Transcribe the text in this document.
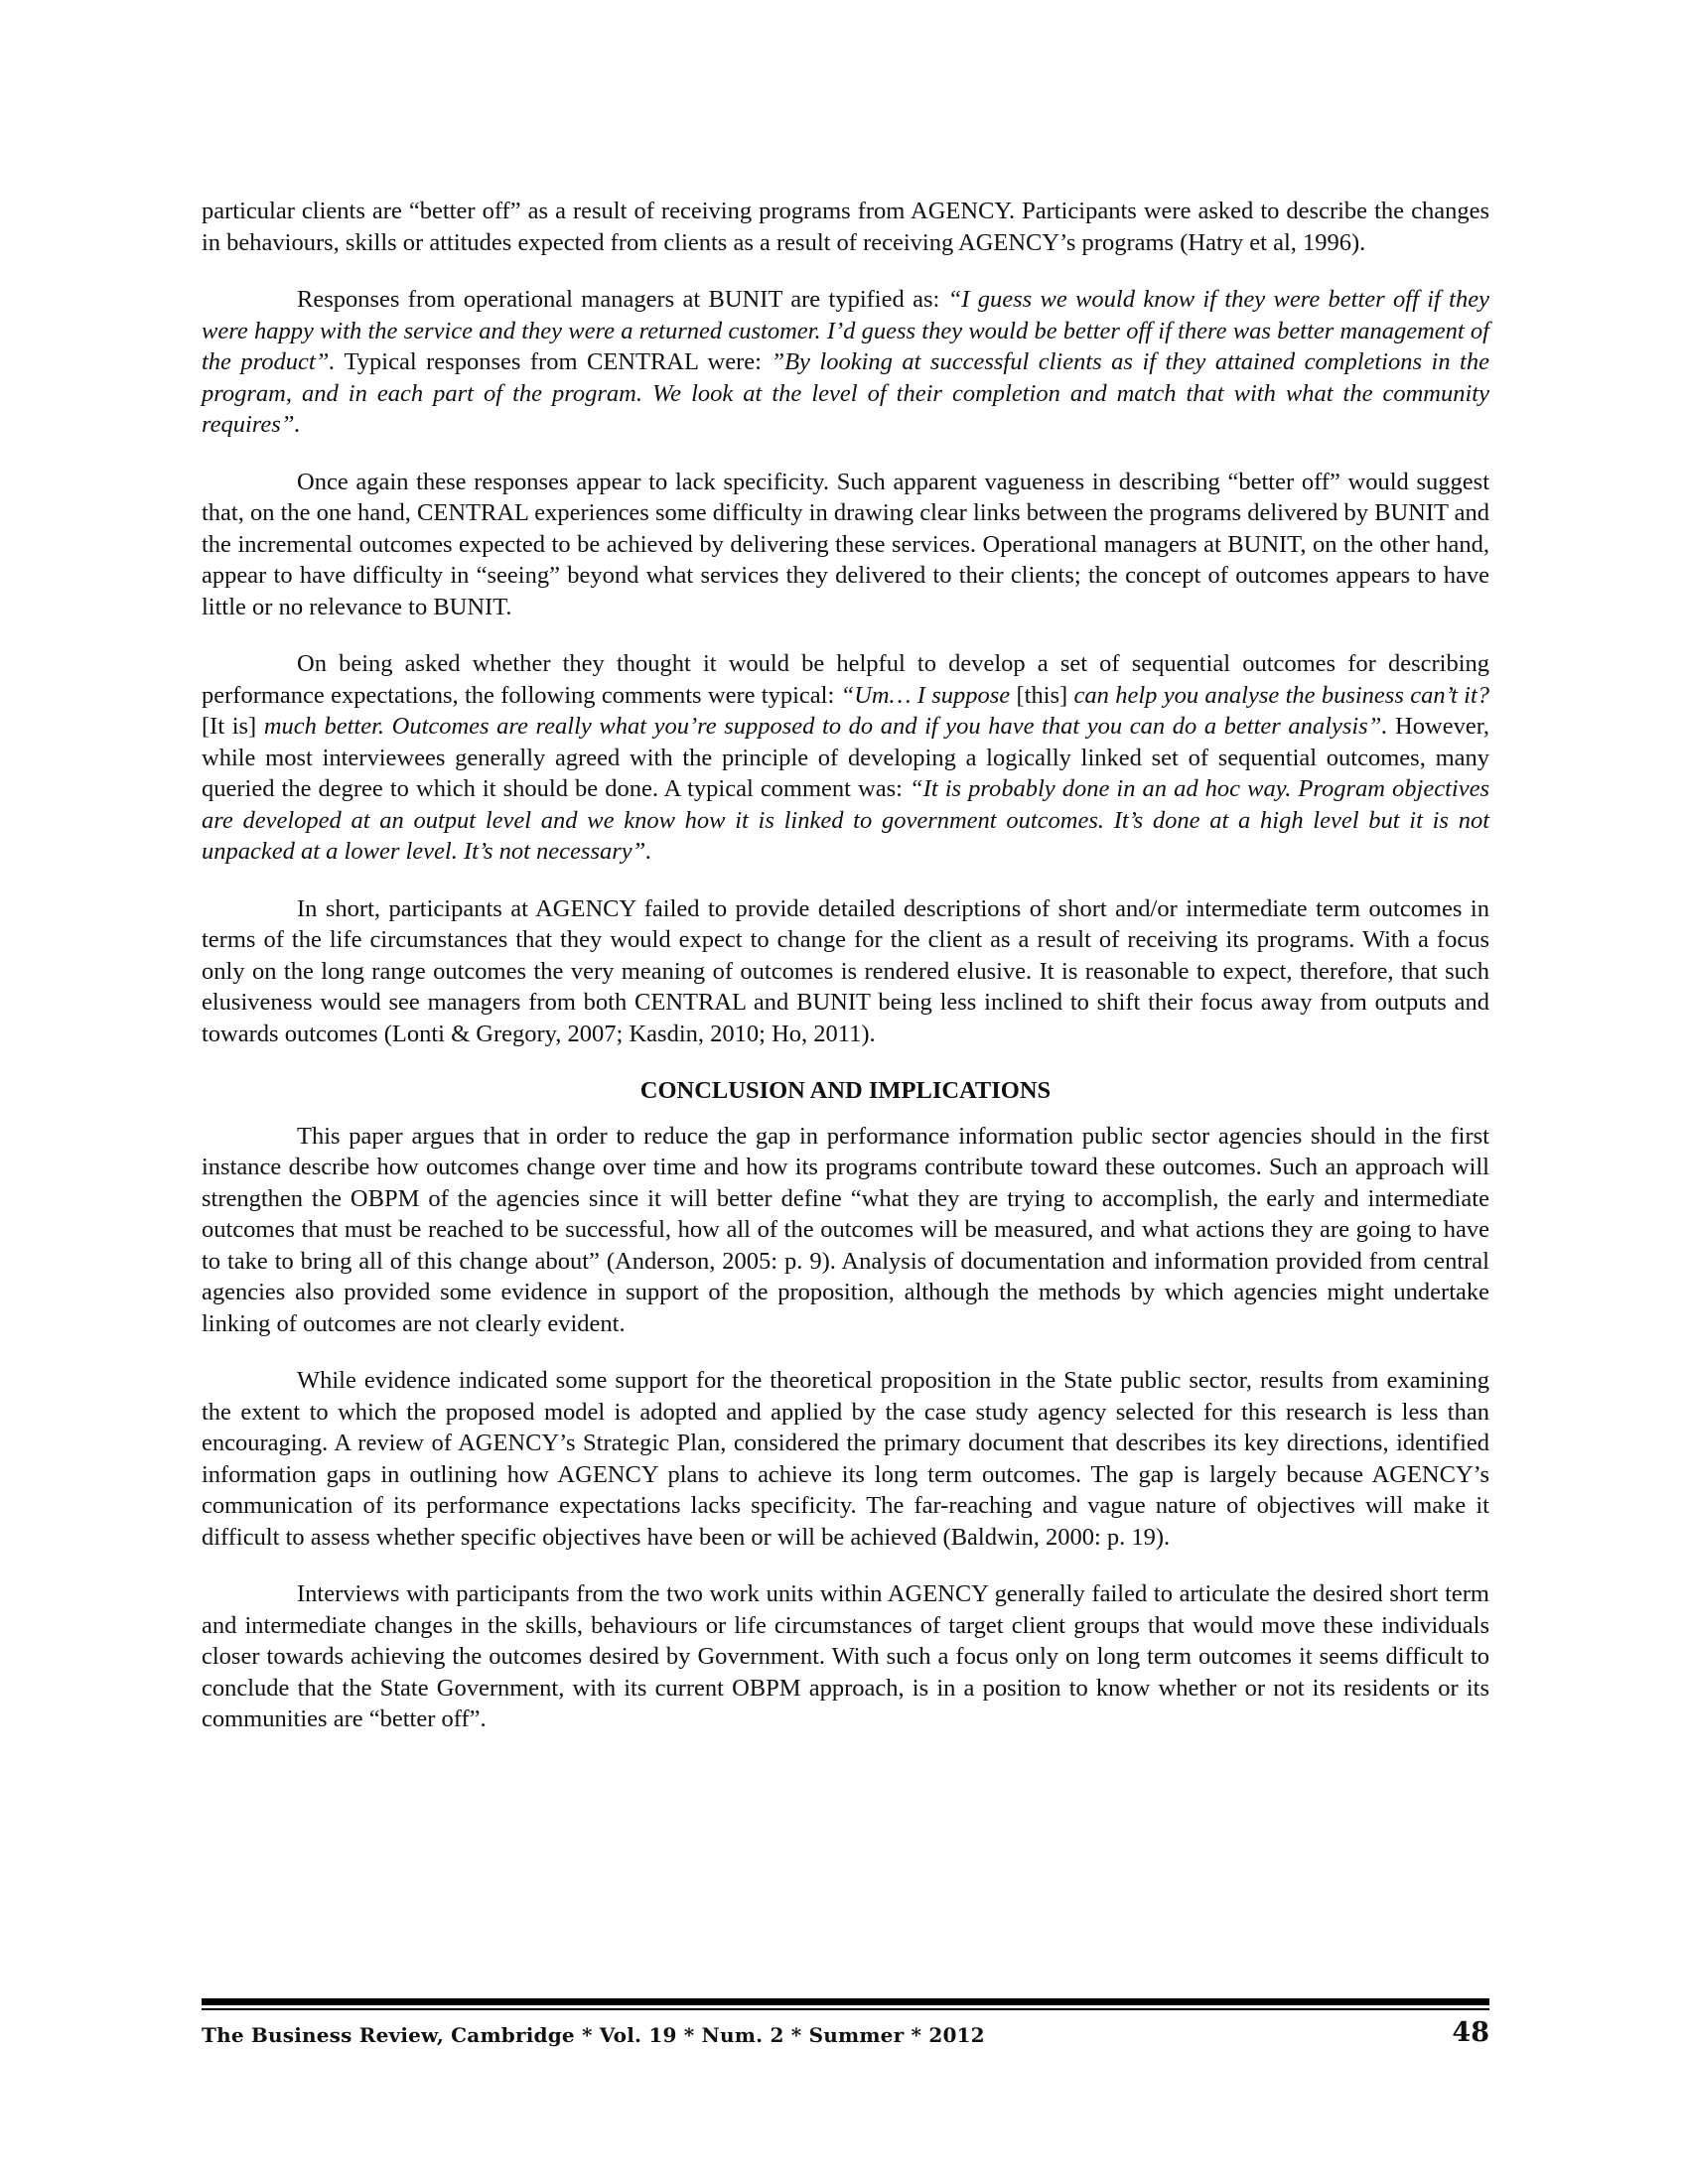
particular clients are “better off” as a result of receiving programs from AGENCY. Participants were asked to describe the changes in behaviours, skills or attitudes expected from clients as a result of receiving AGENCY’s programs (Hatry et al, 1996).

Responses from operational managers at BUNIT are typified as: “I guess we would know if they were better off if they were happy with the service and they were a returned customer. I’d guess they would be better off if there was better management of the product”. Typical responses from CENTRAL were: ”By looking at successful clients as if they attained completions in the program, and in each part of the program. We look at the level of their completion and match that with what the community requires”.

Once again these responses appear to lack specificity. Such apparent vagueness in describing “better off” would suggest that, on the one hand, CENTRAL experiences some difficulty in drawing clear links between the programs delivered by BUNIT and the incremental outcomes expected to be achieved by delivering these services. Operational managers at BUNIT, on the other hand, appear to have difficulty in “seeing” beyond what services they delivered to their clients; the concept of outcomes appears to have little or no relevance to BUNIT.

On being asked whether they thought it would be helpful to develop a set of sequential outcomes for describing performance expectations, the following comments were typical: “Um… I suppose [this] can help you analyse the business can’t it? [It is] much better. Outcomes are really what you’re supposed to do and if you have that you can do a better analysis”. However, while most interviewees generally agreed with the principle of developing a logically linked set of sequential outcomes, many queried the degree to which it should be done. A typical comment was: “It is probably done in an ad hoc way. Program objectives are developed at an output level and we know how it is linked to government outcomes. It’s done at a high level but it is not unpacked at a lower level. It’s not necessary”.

In short, participants at AGENCY failed to provide detailed descriptions of short and/or intermediate term outcomes in terms of the life circumstances that they would expect to change for the client as a result of receiving its programs. With a focus only on the long range outcomes the very meaning of outcomes is rendered elusive. It is reasonable to expect, therefore, that such elusiveness would see managers from both CENTRAL and BUNIT being less inclined to shift their focus away from outputs and towards outcomes (Lonti & Gregory, 2007; Kasdin, 2010; Ho, 2011).

CONCLUSION AND IMPLICATIONS

This paper argues that in order to reduce the gap in performance information public sector agencies should in the first instance describe how outcomes change over time and how its programs contribute toward these outcomes. Such an approach will strengthen the OBPM of the agencies since it will better define “what they are trying to accomplish, the early and intermediate outcomes that must be reached to be successful, how all of the outcomes will be measured, and what actions they are going to have to take to bring all of this change about” (Anderson, 2005: p. 9). Analysis of documentation and information provided from central agencies also provided some evidence in support of the proposition, although the methods by which agencies might undertake linking of outcomes are not clearly evident.

While evidence indicated some support for the theoretical proposition in the State public sector, results from examining the extent to which the proposed model is adopted and applied by the case study agency selected for this research is less than encouraging. A review of AGENCY’s Strategic Plan, considered the primary document that describes its key directions, identified information gaps in outlining how AGENCY plans to achieve its long term outcomes. The gap is largely because AGENCY’s communication of its performance expectations lacks specificity. The far-reaching and vague nature of objectives will make it difficult to assess whether specific objectives have been or will be achieved (Baldwin, 2000: p. 19).

Interviews with participants from the two work units within AGENCY generally failed to articulate the desired short term and intermediate changes in the skills, behaviours or life circumstances of target client groups that would move these individuals closer towards achieving the outcomes desired by Government. With such a focus only on long term outcomes it seems difficult to conclude that the State Government, with its current OBPM approach, is in a position to know whether or not its residents or its communities are “better off”.

The Business Review, Cambridge * Vol. 19 * Num. 2 * Summer * 2012	48
